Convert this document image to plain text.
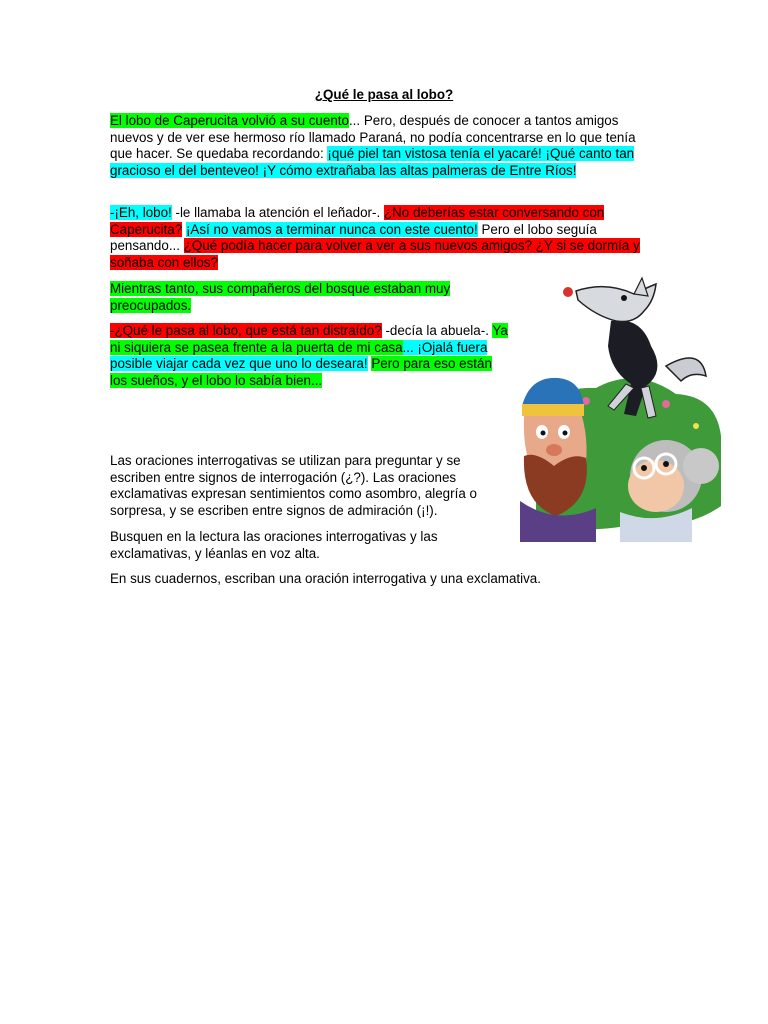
¿Qué le pasa al lobo?

El lobo de Caperucita volvió a su cuento... Pero, después de conocer a tantos amigos nuevos y de ver ese hermoso río llamado Paraná, no podía concentrarse en lo que tenía que hacer. Se quedaba recordando: ¡qué piel tan vistosa tenía el yacaré! ¡Qué canto tan gracioso el del benteveo! ¡Y cómo extrañaba las altas palmeras de Entre Ríos!

-¡Eh, lobo! -le llamaba la atención el leñador-. ¿No deberías estar conversando con Caperucita? ¡Así no vamos a terminar nunca con este cuento! Pero el lobo seguía pensando... ¿Qué podía hacer para volver a ver a sus nuevos amigos? ¿Y si se dormía y soñaba con ellos?

Mientras tanto, sus compañeros del bosque estaban muy preocupados.

-¿Qué le pasa al lobo, que está tan distraído? -decía la abuela-. Ya ni siquiera se pasea frente a la puerta de mi casa... ¡Ojalá fuera posible viajar cada vez que uno lo deseara! Pero para eso están los sueños, y el lobo lo sabía bien...

Las oraciones interrogativas se utilizan para preguntar y se escriben entre signos de interrogación (¿?). Las oraciones exclamativas expresan sentimientos como asombro, alegría o sorpresa, y se escriben entre signos de admiración (¡!).

Busquen en la lectura las oraciones interrogativas y las exclamativas, y léanlas en voz alta.

En sus cuadernos, escriban una oración interrogativa y una exclamativa.
